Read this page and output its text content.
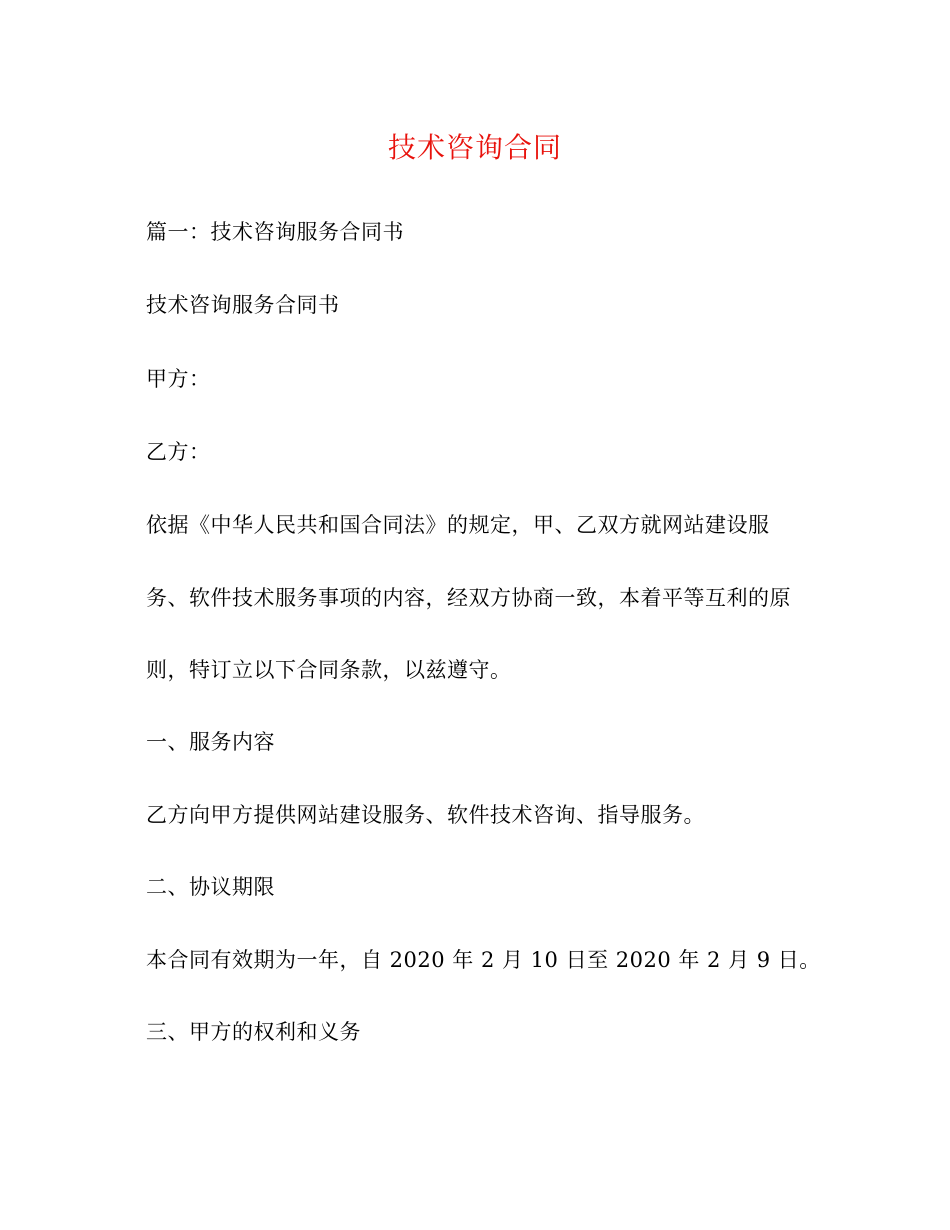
技术咨询合同
篇一：技术咨询服务合同书
技术咨询服务合同书
甲方：
乙方：
依据《中华人民共和国合同法》的规定，甲、乙双方就网站建设服
务、软件技术服务事项的内容，经双方协商一致，本着平等互利的原
则，特订立以下合同条款，以兹遵守。
一、服务内容
乙方向甲方提供网站建设服务、软件技术咨询、指导服务。
二、协议期限
本合同有效期为一年，自 2020 年 2 月 10 日至 2020 年 2 月 9 日。
三、甲方的权利和义务
